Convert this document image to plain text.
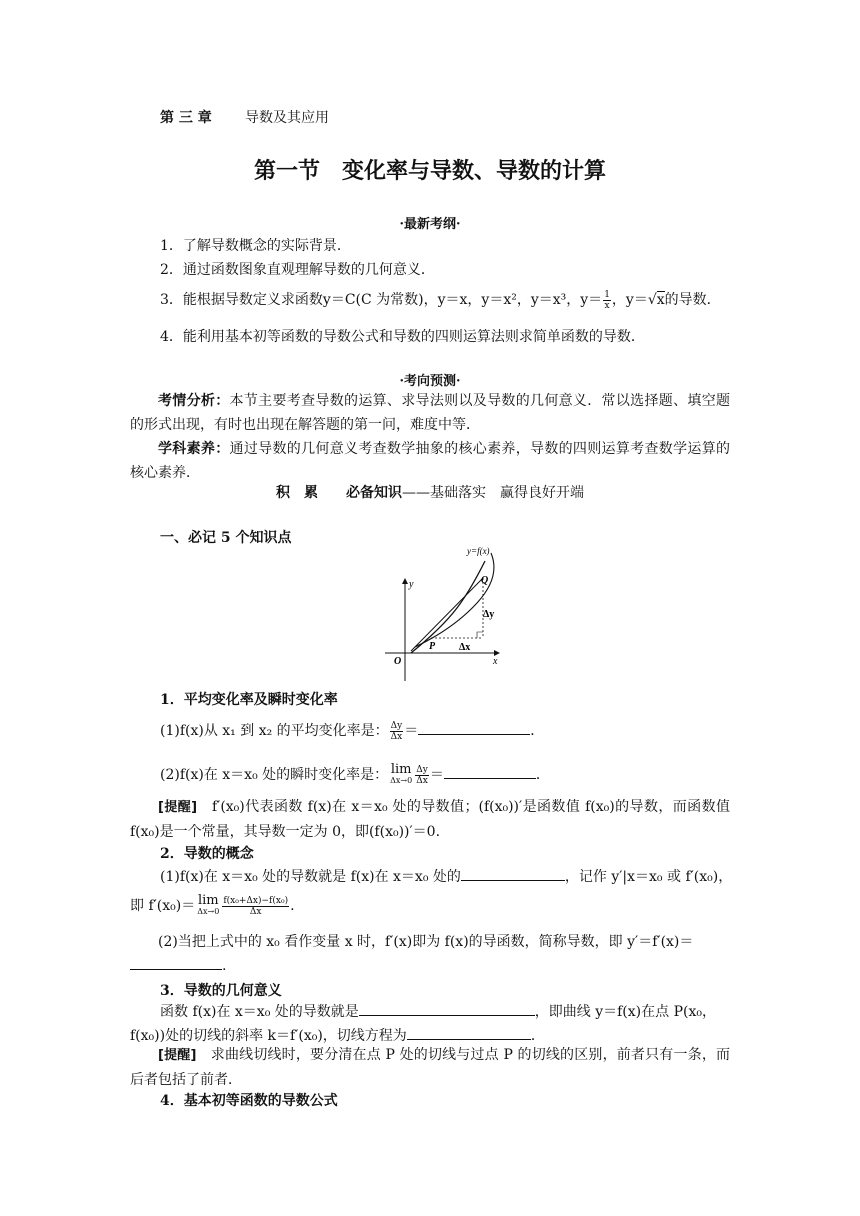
第 三 章 导数及其应用
第一节　变化率与导数、导数的计算
·最新考纲·
1．了解导数概念的实际背景．
2．通过函数图象直观理解导数的几何意义．
3．能根据导数定义求函数y＝C(C 为常数)，y＝x，y＝x²，y＝x³，$y= \frac{1}{x}$ ，y＝√x的导数．
4．能利用基本初等函数的导数公式和导数的四则运算法则求简单函数的导数．
·考向预测·
考情分析：本节主要考查导数的运算、求导法则以及导数的几何意义．常以选择题、填空题的形式出现，有时也出现在解答题的第一问，难度中等．
学科素养：通过导数的几何意义考查数学抽象的核心素养，导数的四则运算考查数学运算的核心素养．
积　累　　 必备知识——基础落实　赢得良好开端
一、必记 5 个知识点
y=f(x)
y
x
O
P
Q
Δy
Δx
1．平均变化率及瞬时变化率
(1)f(x)从 x₁ 到 x₂ 的平均变化率是： $\frac{\Delta y}{\Delta x}$ ＝	．
(2)f(x)在 x＝x₀ 处的瞬时变化率是： lim
$\Delta x\to 0 \frac{\Delta y}{\Delta x}$ ＝	．
[提醒]　 f′(x₀)代表函数 f(x)在 x＝x₀ 处的导数值；(f(x₀))′是函数值 f(x₀)的导数，而函数值 f(x₀)是一个常量，其导数一定为 0，即(f(x₀))′＝0.
2．导数的概念
(1)f(x)在 x＝x₀ 处的导数就是 f(x)在 x＝x₀ 处的	，记作 y′|x＝x₀ 或 f′(x₀)，
即 f′(x₀)＝ lim
$\Delta x\to 0 \frac{\text{f(x₀+Δx)−f(x₀)}}{\Delta x}$ .
(2)当把上式中的 x₀ 看作变量 x 时，f′(x)即为 f(x)的导函数，简称导数，即 y′＝f′(x)＝
.
3．导数的几何意义
函数 f(x)在 x＝x₀ 处的导数就是	，即曲线 y＝f(x)在点 P(x₀，
f(x₀))处的切线的斜率 k＝f′(x₀)，切线方程为	．
[提醒]　 求曲线切线时，要分清在点 P 处的切线与过点 P 的切线的区别，前者只有一条，而后者包括了前者．
4．基本初等函数的导数公式
